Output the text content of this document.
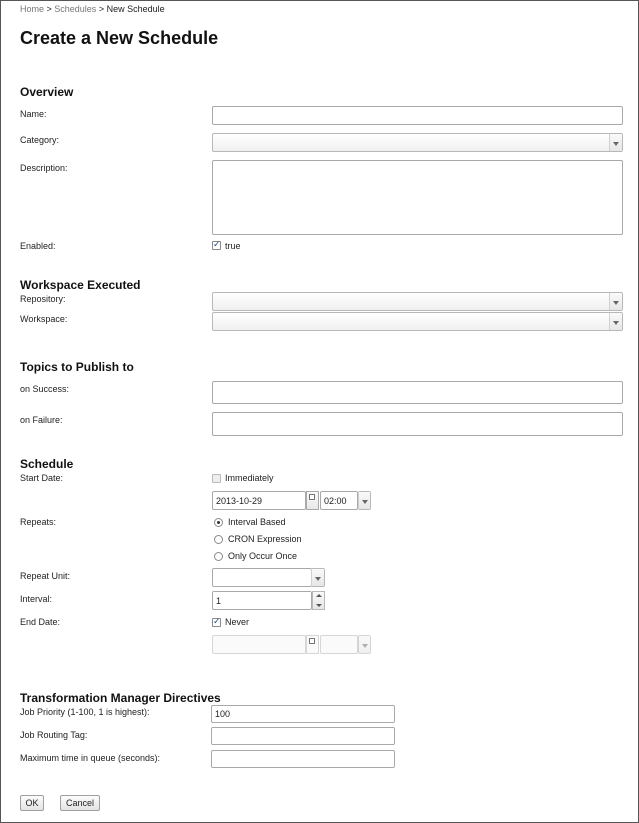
Home > Schedules > New Schedule
Create a New Schedule
Overview
Name:
Category:
Description:
Enabled: ✓	true
Workspace Executed
Repository:
Workspace:
Topics to Publish to
on Success:
on Failure:
Schedule
Start Date:	Immediately
2013-10-29	02:00
Repeats:	Interval Based
CRON Expression
Only Occur Once
Repeat Unit:
Interval:	1
End Date: ✓	Never
Transformation Manager Directives
Job Priority (1-100, 1 is highest):	100
Job Routing Tag:
Maximum time in queue (seconds):
OK	Cancel
